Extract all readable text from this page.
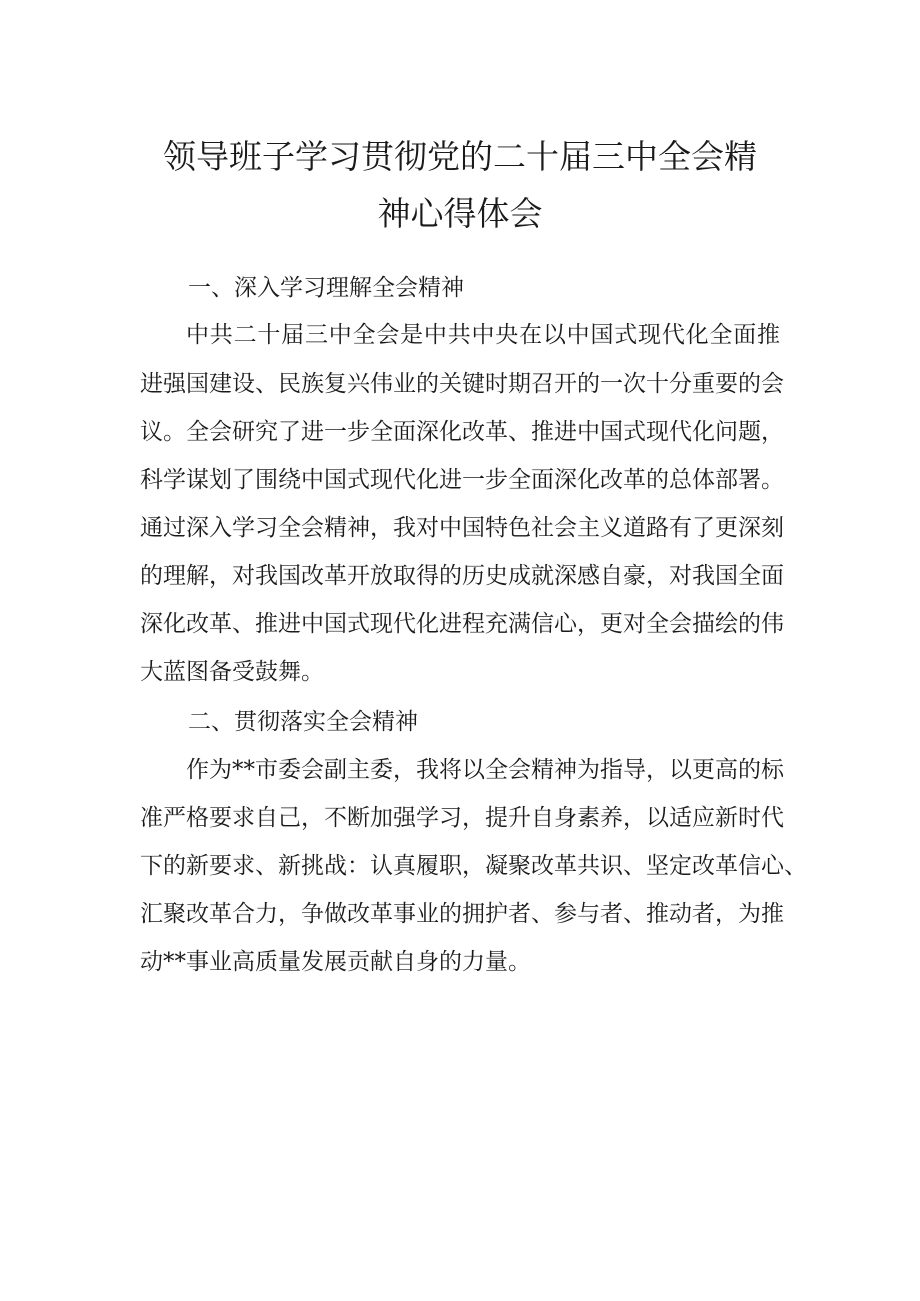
领导班子学习贯彻党的二十届三中全会精
神心得体会
一、深入学习理解全会精神
中共二十届三中全会是中共中央在以中国式现代化全面推
进强国建设、民族复兴伟业的关键时期召开的一次十分重要的会
议。全会研究了进一步全面深化改革、推进中国式现代化问题，
科学谋划了围绕中国式现代化进一步全面深化改革的总体部署。
通过深入学习全会精神，我对中国特色社会主义道路有了更深刻
的理解，对我国改革开放取得的历史成就深感自豪，对我国全面
深化改革、推进中国式现代化进程充满信心，更对全会描绘的伟
大蓝图备受鼓舞。
二、贯彻落实全会精神
作为**市委会副主委，我将以全会精神为指导，以更高的标
准严格要求自己，不断加强学习，提升自身素养，以适应新时代
下的新要求、新挑战：认真履职，凝聚改革共识、坚定改革信心、
汇聚改革合力，争做改革事业的拥护者、参与者、推动者，为推
动**事业高质量发展贡献自身的力量。
